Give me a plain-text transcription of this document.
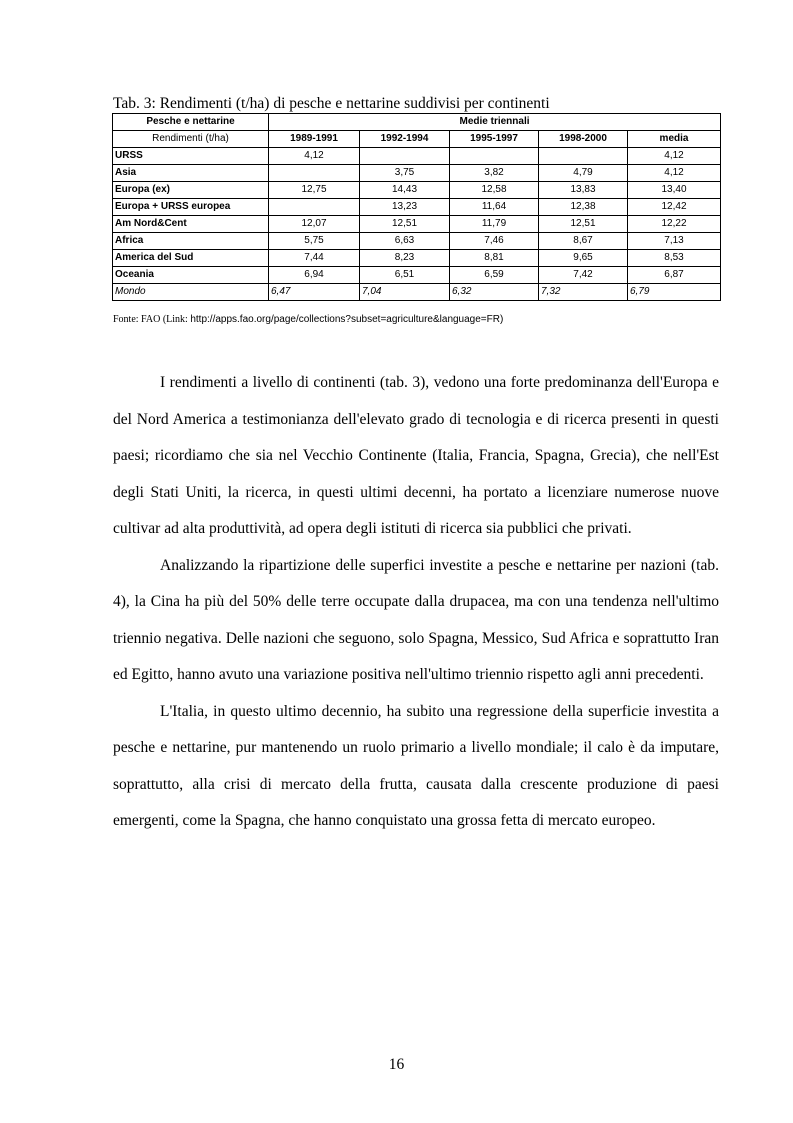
Tab. 3: Rendimenti (t/ha) di pesche e nettarine suddivisi per continenti
Pesche e nettarine	Medie triennali				
Rendimenti (t/ha)	1989-1991	1992-1994	1995-1997	1998-2000	media
URSS	4,12				4,12
Asia		3,75	3,82	4,79	4,12
Europa (ex)	12,75	14,43	12,58	13,83	13,40
Europa + URSS europea		13,23	11,64	12,38	12,42
Am Nord&Cent	12,07	12,51	11,79	12,51	12,22
Africa	5,75	6,63	7,46	8,67	7,13
America del Sud	7,44	8,23	8,81	9,65	8,53
Oceania	6,94	6,51	6,59	7,42	6,87
Mondo	6,47	7,04	6,32	7,32	6,79
Fonte: FAO (Link: http://apps.fao.org/page/collections?subset=agriculture&language=FR)

I rendimenti a livello di continenti (tab. 3), vedono una forte predominanza dell'Europa e del Nord America a testimonianza dell'elevato grado di tecnologia e di ricerca presenti in questi paesi; ricordiamo che sia nel Vecchio Continente (Italia, Francia, Spagna, Grecia), che nell'Est degli Stati Uniti, la ricerca, in questi ultimi decenni, ha portato a licenziare numerose nuove cultivar ad alta produttività, ad opera degli istituti di ricerca sia pubblici che privati.

Analizzando la ripartizione delle superfici investite a pesche e nettarine per nazioni (tab. 4), la Cina ha più del 50% delle terre occupate dalla drupacea, ma con una tendenza nell'ultimo triennio negativa. Delle nazioni che seguono, solo Spagna, Messico, Sud Africa e soprattutto Iran ed Egitto, hanno avuto una variazione positiva nell'ultimo triennio rispetto agli anni precedenti.

L'Italia, in questo ultimo decennio, ha subito una regressione della superficie investita a pesche e nettarine, pur mantenendo un ruolo primario a livello mondiale; il calo è da imputare, soprattutto, alla crisi di mercato della frutta, causata dalla crescente produzione di paesi emergenti, come la Spagna, che hanno conquistato una grossa fetta di mercato europeo.

16
